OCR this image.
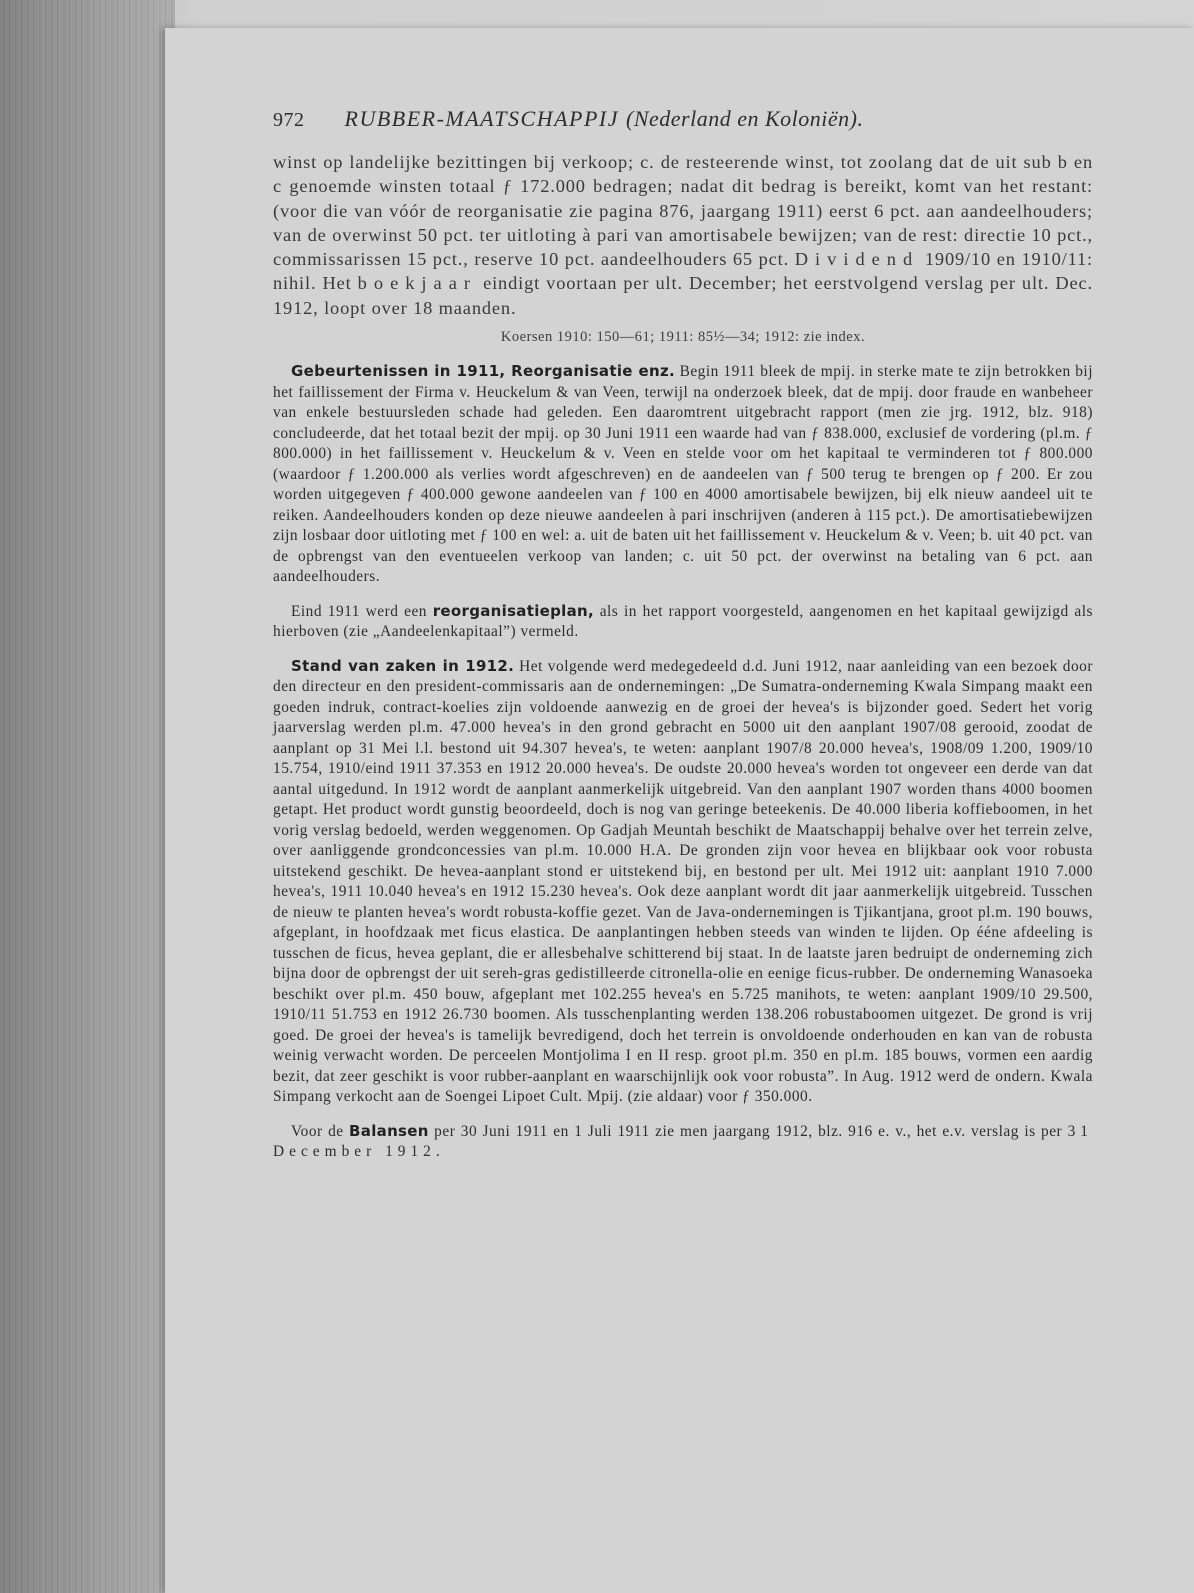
972 RUBBER-MAATSCHAPPIJ (Nederland en Koloniën).

winst op landelijke bezittingen bij verkoop; c. de resteerende winst, tot zoolang dat de uit sub b en c genoemde winsten totaal ƒ 172.000 bedragen; nadat dit bedrag is bereikt, komt van het restant: (voor die van vóór de reorganisatie zie pagina 876, jaargang 1911) eerst 6 pct. aan aandeelhouders; van de overwinst 50 pct. ter uitloting à pari van amortisabele bewijzen; van de rest: directie 10 pct., commissarissen 15 pct., reserve 10 pct. aandeelhouders 65 pct. Dividend 1909/10 en 1910/11: nihil. Het boekjaar eindigt voortaan per ult. December; het eerstvolgend verslag per ult. Dec. 1912, loopt over 18 maanden.

Koersen 1910: 150—61; 1911: 85½—34; 1912: zie index.

Gebeurtenissen in 1911, Reorganisatie enz. Begin 1911 bleek de mpij. in sterke mate te zijn betrokken bij het faillissement der Firma v. Heuckelum & van Veen, terwijl na onderzoek bleek, dat de mpij. door fraude en wanbeheer van enkele bestuursleden schade had geleden. Een daaromtrent uitgebracht rapport (men zie jrg. 1912, blz. 918) concludeerde, dat het totaal bezit der mpij. op 30 Juni 1911 een waarde had van ƒ 838.000, exclusief de vordering (pl.m. ƒ 800.000) in het faillissement v. Heuckelum & v. Veen en stelde voor om het kapitaal te verminderen tot ƒ 800.000 (waardoor ƒ 1.200.000 als verlies wordt afgeschreven) en de aandeelen van ƒ 500 terug te brengen op ƒ 200. Er zou worden uitgegeven ƒ 400.000 gewone aandeelen van ƒ 100 en 4000 amortisabele bewijzen, bij elk nieuw aandeel uit te reiken. Aandeelhouders konden op deze nieuwe aandeelen à pari inschrijven (anderen à 115 pct.). De amortisatiebewijzen zijn losbaar door uitloting met ƒ 100 en wel: a. uit de baten uit het faillissement v. Heuckelum & v. Veen; b. uit 40 pct. van de opbrengst van den eventueelen verkoop van landen; c. uit 50 pct. der overwinst na betaling van 6 pct. aan aandeelhouders.

Eind 1911 werd een reorganisatieplan, als in het rapport voorgesteld, aangenomen en het kapitaal gewijzigd als hierboven (zie „Aandeelenkapitaal”) vermeld.

Stand van zaken in 1912. Het volgende werd medegedeeld d.d. Juni 1912, naar aanleiding van een bezoek door den directeur en den president-commissaris aan de ondernemingen: „De Sumatra-onderneming Kwala Simpang maakt een goeden indruk, contract-koelies zijn voldoende aanwezig en de groei der hevea's is bijzonder goed. Sedert het vorig jaarverslag werden pl.m. 47.000 hevea's in den grond gebracht en 5000 uit den aanplant 1907/08 gerooid, zoodat de aanplant op 31 Mei l.l. bestond uit 94.307 hevea's, te weten: aanplant 1907/8 20.000 hevea's, 1908/09 1.200, 1909/10 15.754, 1910/eind 1911 37.353 en 1912 20.000 hevea's. De oudste 20.000 hevea's worden tot ongeveer een derde van dat aantal uitgedund. In 1912 wordt de aanplant aanmerkelijk uitgebreid. Van den aanplant 1907 worden thans 4000 boomen getapt. Het product wordt gunstig beoordeeld, doch is nog van geringe beteekenis. De 40.000 liberia koffieboomen, in het vorig verslag bedoeld, werden weggenomen. Op Gadjah Meuntah beschikt de Maatschappij behalve over het terrein zelve, over aanliggende grondconcessies van pl.m. 10.000 H.A. De gronden zijn voor hevea en blijkbaar ook voor robusta uitstekend geschikt. De hevea-aanplant stond er uitstekend bij, en bestond per ult. Mei 1912 uit: aanplant 1910 7.000 hevea's, 1911 10.040 hevea's en 1912 15.230 hevea's. Ook deze aanplant wordt dit jaar aanmerkelijk uitgebreid. Tusschen de nieuw te planten hevea's wordt robusta-koffie gezet. Van de Java-ondernemingen is Tjikantjana, groot pl.m. 190 bouws, afgeplant, in hoofdzaak met ficus elastica. De aanplantingen hebben steeds van winden te lijden. Op ééne afdeeling is tusschen de ficus, hevea geplant, die er allesbehalve schitterend bij staat. In de laatste jaren bedruipt de onderneming zich bijna door de opbrengst der uit sereh-gras gedistilleerde citronella-olie en eenige ficus-rubber. De onderneming Wanasoeka beschikt over pl.m. 450 bouw, afgeplant met 102.255 hevea's en 5.725 manihots, te weten: aanplant 1909/10 29.500, 1910/11 51.753 en 1912 26.730 boomen. Als tusschenplanting werden 138.206 robustaboomen uitgezet. De grond is vrij goed. De groei der hevea's is tamelijk bevredigend, doch het terrein is onvoldoende onderhouden en kan van de robusta weinig verwacht worden. De perceelen Montjolima I en II resp. groot pl.m. 350 en pl.m. 185 bouws, vormen een aardig bezit, dat zeer geschikt is voor rubber-aanplant en waarschijnlijk ook voor robusta”. In Aug. 1912 werd de ondern. Kwala Simpang verkocht aan de Soengei Lipoet Cult. Mpij. (zie aldaar) voor ƒ 350.000.

Voor de Balansen per 30 Juni 1911 en 1 Juli 1911 zie men jaargang 1912, blz. 916 e. v., het e.v. verslag is per 31 December 1912.
